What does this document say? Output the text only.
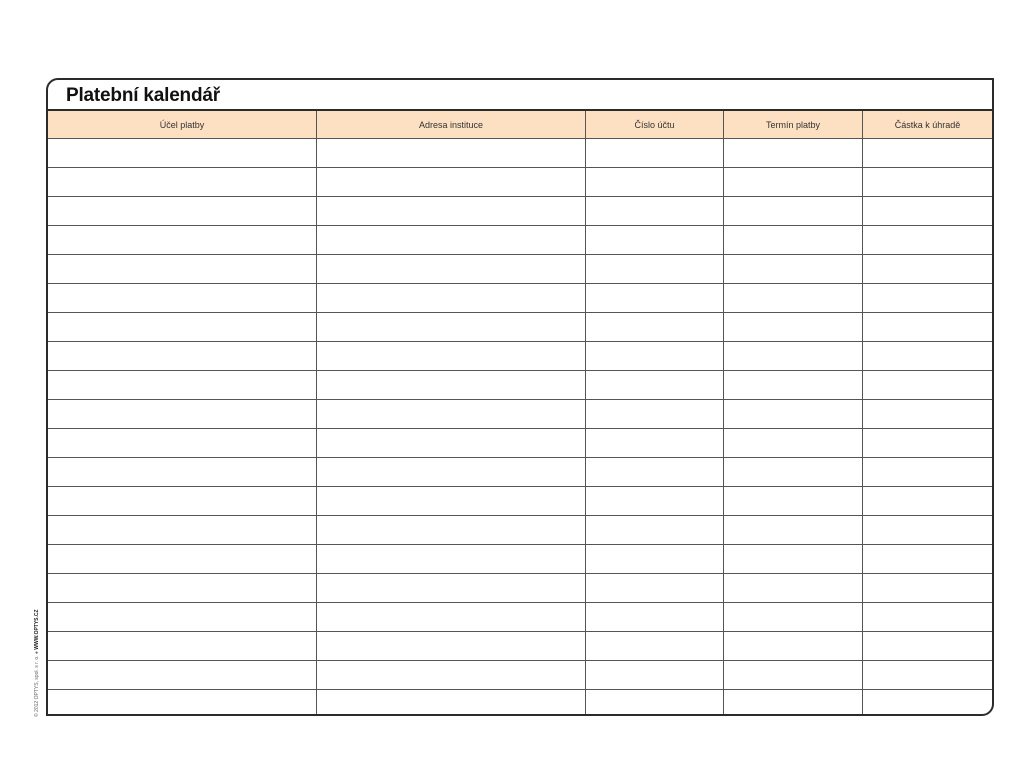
Platební kalendář
Účel platby	Adresa instituce	Číslo účtu	Termín platby	Částka k úhradě

© 2012 OPTYS, spol. s r. o. ● WWW.OPTYS.CZ
